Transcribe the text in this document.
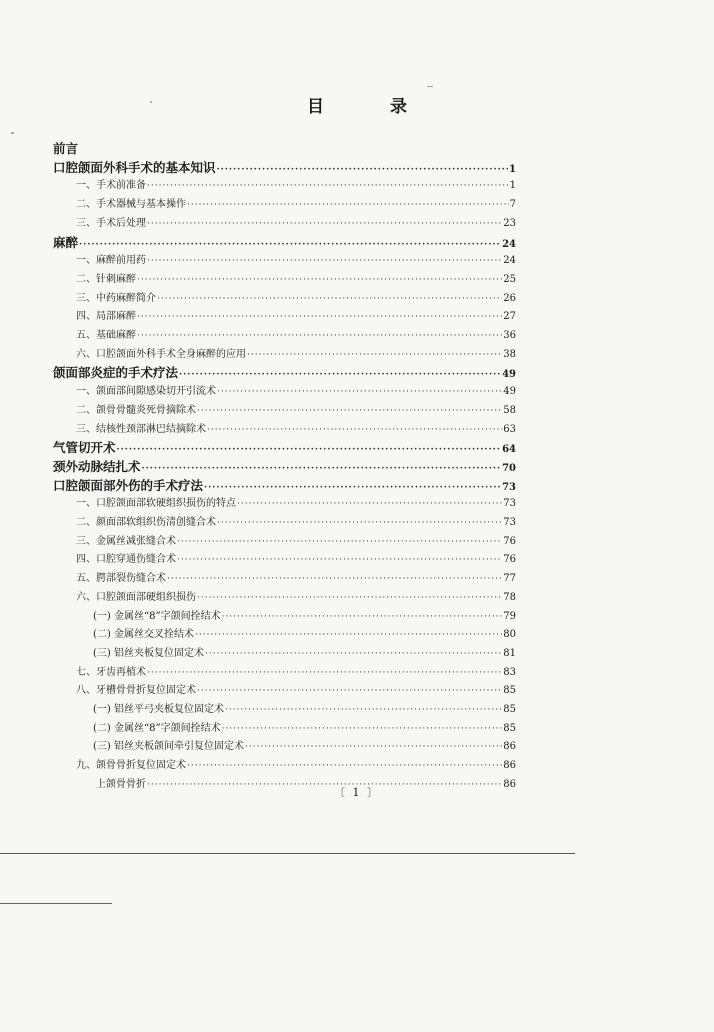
目 录
前言
口腔颌面外科手术的基本知识 ·····	1
一、手术前准备 ·····	1
二、手术器械与基本操作 ·····	7
三、手术后处理 ·····	23
麻醉 ·····	24
一、麻醉前用药 ·····	24
二、针刺麻醉 ·····	25
三、中药麻醉简介 ·····	26
四、局部麻醉 ·····	27
五、基础麻醉 ·····	36
六、口腔颌面外科手术全身麻醉的应用 ·····	38
颌面部炎症的手术疗法 ·····	49
一、颌面部间隙感染切开引流术 ·····	49
二、颌骨骨髓炎死骨摘除术 ·····	58
三、结核性颈部淋巴结摘除术 ·····	63
气管切开术 ·····	64
颈外动脉结扎术 ·····	70
口腔颌面部外伤的手术疗法 ·····	73
一、口腔颌面部软硬组织损伤的特点 ·····	73
二、颜面部软组织伤清创缝合术 ·····	73
三、金属丝减张缝合术 ·····	76
四、口腔穿通伤缝合术 ·····	76
五、腭部裂伤缝合术 ·····	77
六、口腔颌面部硬组织损伤 ·····	78
(一) 金属丝“8”字颌间拴结术 ·····	79
(二) 金属丝交叉拴结术 ·····	80
(三) 铝丝夹板复位固定术 ·····	81
七、牙齿再植术 ·····	83
八、牙槽骨骨折复位固定术 ·····	85
(一) 铝丝平弓夹板复位固定术 ·····	85
(二) 金属丝“8”字颌间拴结术 ·····	85
(三) 铝丝夹板颌间牵引复位固定术 ·····	86
九、颌骨骨折复位固定术 ·····	86
上颌骨骨折 ·····	86
〔 1 〕
